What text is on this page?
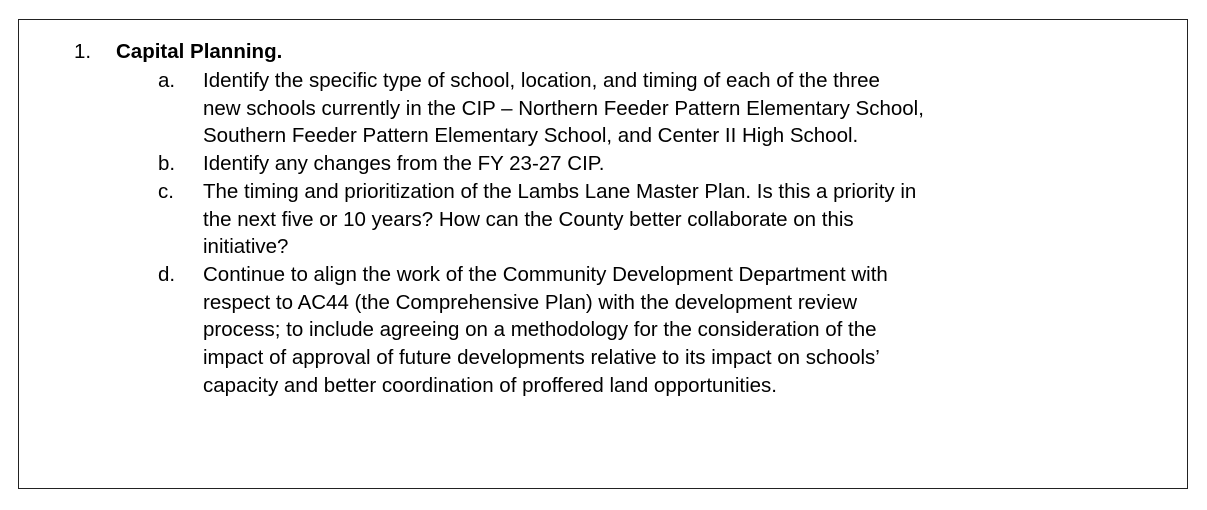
1. Capital Planning.
a.	Identify the specific type of school, location, and timing of each of the three
new schools currently in the CIP – Northern Feeder Pattern Elementary School,
Southern Feeder Pattern Elementary School, and Center II High School.
b.	Identify any changes from the FY 23-27 CIP.
c.	The timing and prioritization of the Lambs Lane Master Plan. Is this a priority in
the next five or 10 years? How can the County better collaborate on this
initiative?
d.	Continue to align the work of the Community Development Department with
respect to AC44 (the Comprehensive Plan) with the development review
process; to include agreeing on a methodology for the consideration of the
impact of approval of future developments relative to its impact on schools’
capacity and better coordination of proffered land opportunities.
